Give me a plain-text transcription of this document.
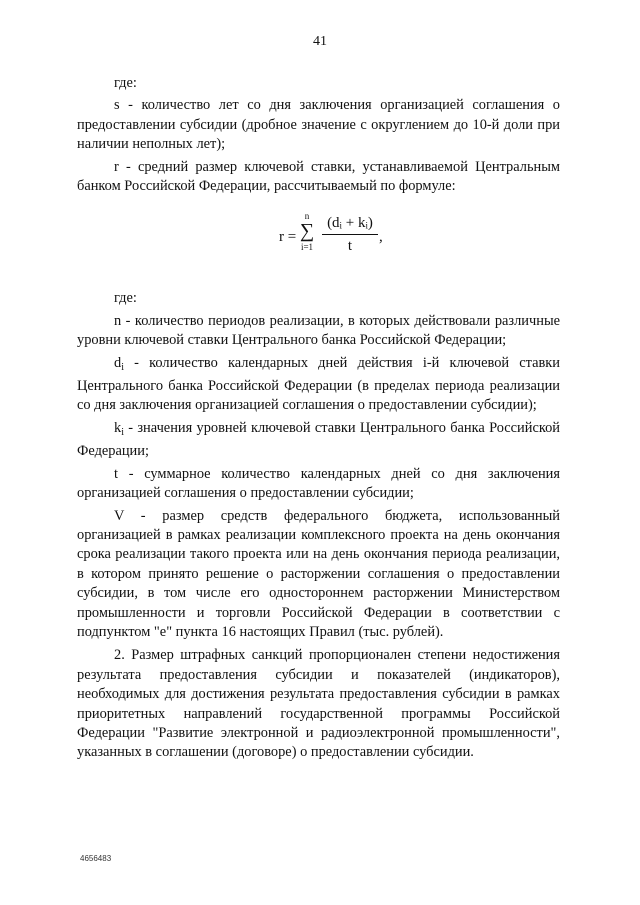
41

где:

s - количество лет со дня заключения организацией соглашения о предоставлении субсидии (дробное значение с округлением до 10-й доли при наличии неполных лет);

r - средний размер ключевой ставки, устанавливаемой Центральным банком Российской Федерации, рассчитываемый по формуле:

r =
n
∑
i=1
(dᵢ + kᵢ)
t
,

где:

n - количество периодов реализации, в которых действовали различные уровни ключевой ставки Центрального банка Российской Федерации;

$d_i$ - количество календарных дней действия i-й ключевой ставки Центрального банка Российской Федерации (в пределах периода реализации со дня заключения организацией соглашения о предоставлении субсидии);

$k_i$ - значения уровней ключевой ставки Центрального банка Российской Федерации;

t - суммарное количество календарных дней со дня заключения организацией соглашения о предоставлении субсидии;

V - размер средств федерального бюджета, использованный организацией в рамках реализации комплексного проекта на день окончания срока реализации такого проекта или на день окончания периода реализации, в котором принято решение о расторжении соглашения о предоставлении субсидии, в том числе его одностороннем расторжении Министерством промышленности и торговли Российской Федерации в соответствии с подпунктом "е" пункта 16 настоящих Правил (тыс. рублей).

2. Размер штрафных санкций пропорционален степени недостижения результата предоставления субсидии и показателей (индикаторов), необходимых для достижения результата предоставления субсидии в рамках приоритетных направлений государственной программы Российской Федерации "Развитие электронной и радиоэлектронной промышленности", указанных в соглашении (договоре) о предоставлении субсидии.

4656483
